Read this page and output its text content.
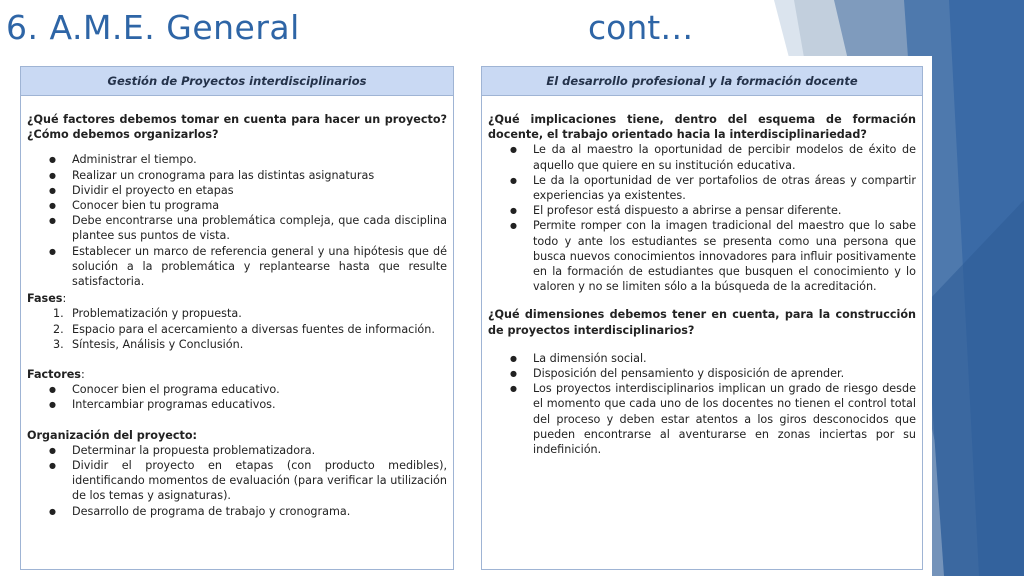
6. A.M.E. General	cont…
Gestión de Proyectos interdisciplinarios
¿Qué factores debemos tomar en cuenta para hacer un proyecto? ¿Cómo debemos organizarlos?
● Administrar el tiempo.
● Realizar un cronograma para las distintas asignaturas
● Dividir el proyecto en etapas
● Conocer bien tu programa
● Debe encontrarse una problemática compleja, que cada disciplina plantee sus puntos de vista.
● Establecer un marco de referencia general y una hipótesis que dé solución a la problemática y replantearse hasta que resulte satisfactoria.
Fases:
1. Problematización y propuesta.
2. Espacio para el acercamiento a diversas fuentes de información.
3. Síntesis, Análisis y Conclusión.
Factores:
● Conocer bien el programa educativo.
● Intercambiar programas educativos.
Organización del proyecto:
● Determinar la propuesta problematizadora.
● Dividir el proyecto en etapas (con producto medibles), identificando momentos de evaluación (para verificar la utilización de los temas y asignaturas).
● Desarrollo de programa de trabajo y cronograma.
El desarrollo profesional y la formación docente
¿Qué implicaciones tiene, dentro del esquema de formación docente, el trabajo orientado hacia la interdisciplinariedad?
● Le da al maestro la oportunidad de percibir modelos de éxito de aquello que quiere en su institución educativa.
● Le da la oportunidad de ver portafolios de otras áreas y compartir experiencias ya existentes.
● El profesor está dispuesto a abrirse a pensar diferente.
● Permite romper con la imagen tradicional del maestro que lo sabe todo y ante los estudiantes se presenta como una persona que busca nuevos conocimientos innovadores para influir positivamente en la formación de estudiantes que busquen el conocimiento y lo valoren y no se limiten sólo a la búsqueda de la acreditación.
¿Qué dimensiones debemos tener en cuenta, para la construcción de proyectos interdisciplinarios?
● La dimensión social.
● Disposición del pensamiento y disposición de aprender.
● Los proyectos interdisciplinarios implican un grado de riesgo desde el momento que cada uno de los docentes no tienen el control total del proceso y deben estar atentos a los giros desconocidos que pueden encontrarse al aventurarse en zonas inciertas por su indefinición.
